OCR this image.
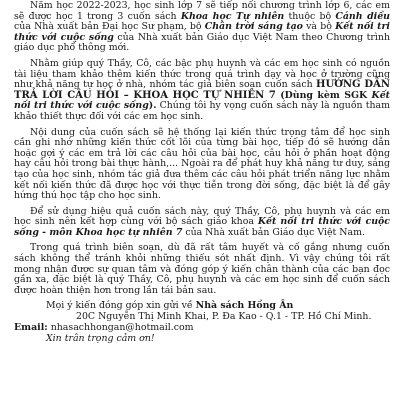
Năm học 2022-2023, học sinh lớp 7 sẽ tiếp nối chương trình lớp 6, các em sẽ được học 1 trong 3 cuốn sách Khoa học Tự nhiên thuộc bộ Cánh diều của Nhà xuất bản Đại học Sư phạm, bộ Chân trời sáng tạo và bộ Kết nối tri thức với cuộc sống của Nhà xuất bản Giáo dục Việt Nam theo Chương trình giáo dục phổ thông mới.

Nhằm giúp quý Thầy, Cô, các bậc phụ huynh và các em học sinh có nguồn tài liệu tham khảo thêm kiến thức trong quá trình dạy và học ở trường cũng như khả năng tự học ở nhà, nhóm tác giả biên soạn cuốn sách HƯỚNG DẪN TRẢ LỜI CÂU HỎI – KHOA HỌC TỰ NHIÊN 7 (Dùng kèm SGK Kết nối tri thức với cuộc sống). Chúng tôi hy vọng cuốn sách này là nguồn tham khảo thiết thực đối với các em học sinh.

Nội dung của cuốn sách sẽ hệ thống lại kiến thức trọng tâm để học sinh cần ghi nhớ những kiến thức cốt lõi của từng bài học, tiếp đó sẽ hướng dẫn hoặc gợi ý các em trả lời các câu hỏi của bài học, câu hỏi ở phần hoạt động hay câu hỏi trong bài thực hành,... Ngoài ra để phát huy khả năng tư duy, sáng tạo của học sinh, nhóm tác giả đưa thêm các câu hỏi phát triển năng lực nhằm kết nối kiến thức đã được học với thực tiễn trong đời sống, đặc biệt là để gây hứng thú học tập cho học sinh.

Để sử dụng hiệu quả cuốn sách này, quý Thầy, Cô, phụ huynh và các em học sinh nên kết hợp cùng với bộ sách giáo khoa Kết nối tri thức với cuộc sống - môn Khoa học tự nhiên 7 của Nhà xuất bản Giáo dục Việt Nam.

Trong quá trình biên soạn, dù đã rất tâm huyết và cố gắng nhưng cuốn sách không thể tránh khỏi những thiếu sót nhất định. Vì vậy chúng tôi rất mong nhận được sự quan tâm và đóng góp ý kiến chân thành của các bạn đọc gần xa, đặc biệt là quý Thầy, Cô, phụ huynh và các em học sinh để cuốn sách được hoàn thiện hơn trong lần tái bản sau.

Mọi ý kiến đóng góp xin gửi về Nhà sách Hồng Ân
20C Nguyễn Thị Minh Khai, P. Đa Kao - Q.1 - TP. Hồ Chí Minh.
Email: nhasachhongan@hotmail.com
Xin trân trọng cảm ơn!
